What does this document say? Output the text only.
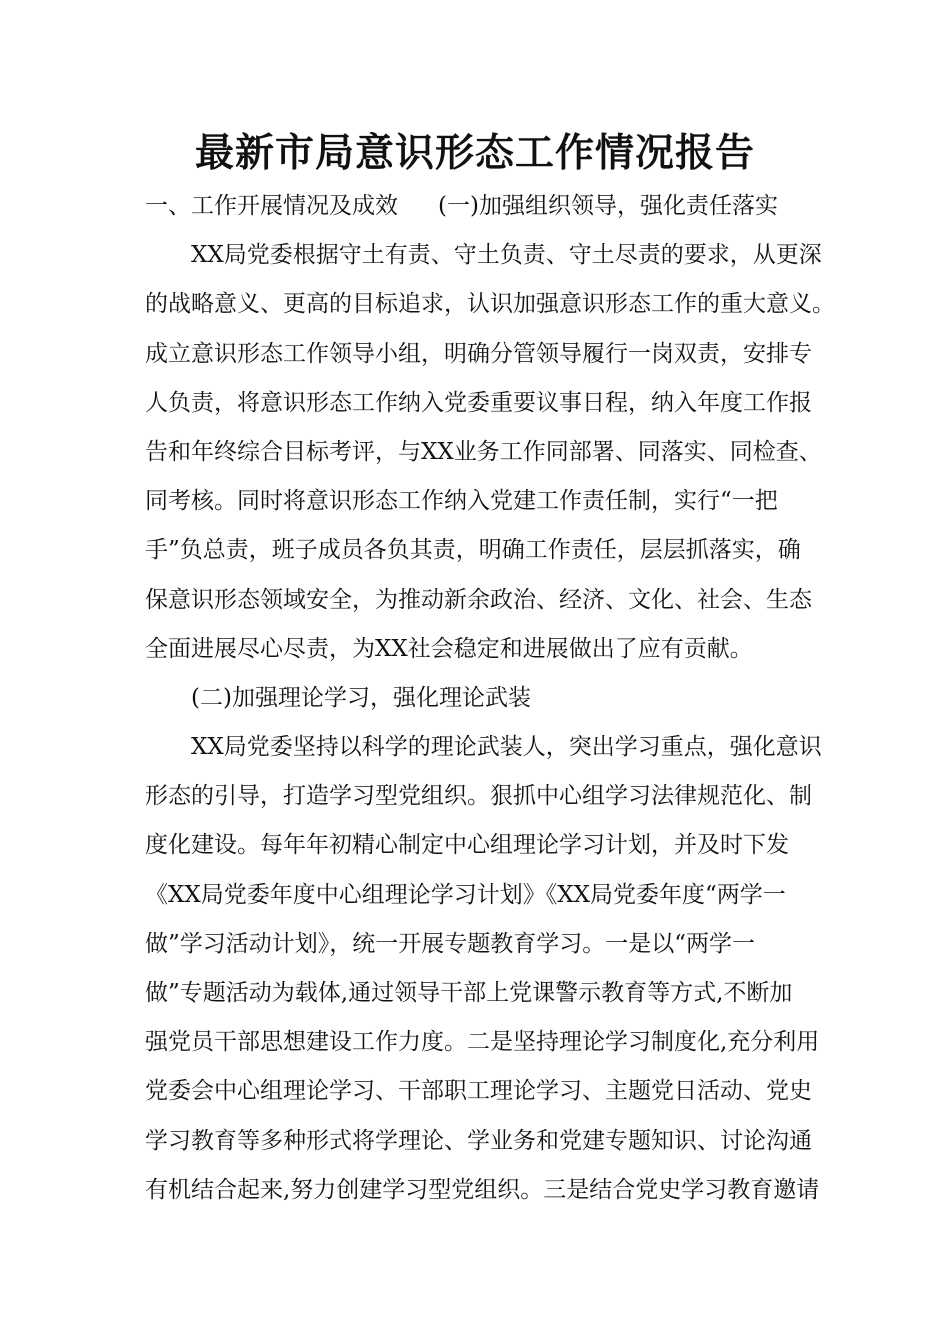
最新市局意识形态工作情况报告
一、工作开展情况及成效 (一)加强组织领导，强化责任落实
XX局党委根据守土有责、守土负责、守土尽责的要求，从更深
的战略意义、更高的目标追求，认识加强意识形态工作的重大意义。
成立意识形态工作领导小组，明确分管领导履行一岗双责，安排专
人负责，将意识形态工作纳入党委重要议事日程，纳入年度工作报
告和年终综合目标考评，与XX业务工作同部署、同落实、同检查、
同考核。同时将意识形态工作纳入党建工作责任制，实行“一把
手”负总责，班子成员各负其责，明确工作责任，层层抓落实，确
保意识形态领域安全，为推动新余政治、经济、文化、社会、生态
全面进展尽心尽责，为XX社会稳定和进展做出了应有贡献。
(二)加强理论学习，强化理论武装
XX局党委坚持以科学的理论武装人，突出学习重点，强化意识
形态的引导，打造学习型党组织。狠抓中心组学习法律规范化、制
度化建设。每年年初精心制定中心组理论学习计划，并及时下发
《XX局党委年度中心组理论学习计划》《XX局党委年度“两学一
做”学习活动计划》，统一开展专题教育学习。一是以“两学一
做”专题活动为载体,通过领导干部上党课警示教育等方式,不断加
强党员干部思想建设工作力度。二是坚持理论学习制度化,充分利用
党委会中心组理论学习、干部职工理论学习、主题党日活动、党史
学习教育等多种形式将学理论、学业务和党建专题知识、讨论沟通
有机结合起来,努力创建学习型党组织。三是结合党史学习教育邀请
